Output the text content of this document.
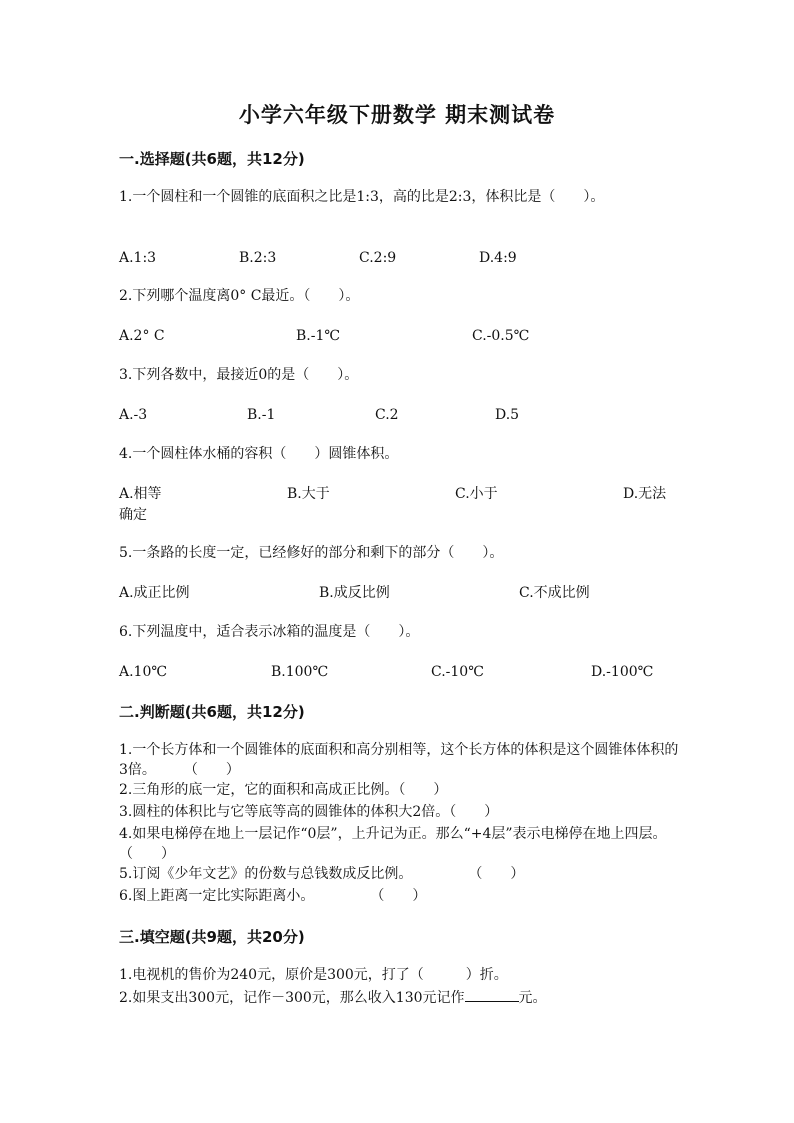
小学六年级下册数学 期末测试卷
一.选择题(共6题，共12分)
1.一个圆柱和一个圆锥的底面积之比是1:3，高的比是2:3，体积比是（　　）。
A.1:3	B.2:3	C.2:9	D.4:9
2.下列哪个温度离0° C最近。（　　）。
A.2° C	B.-1℃	C.-0.5℃
3.下列各数中，最接近0的是（　　）。
A.-3	B.-1	C.2	D.5
4.一个圆柱体水桶的容积（　　）圆锥体积。
A.相等	B.大于	C.小于	D.无法
确定
5.一条路的长度一定，已经修好的部分和剩下的部分（　　）。
A.成正比例	B.成反比例	C.不成比例
6.下列温度中，适合表示冰箱的温度是（　　）。
A.10℃	B.100℃	C.-10℃	D.-100℃
二.判断题(共6题，共12分)
1.一个长方体和一个圆锥体的底面积和高分别相等，这个长方体的体积是这个圆锥体体积的3倍。　　　（　　）
2.三角形的底一定，它的面积和高成正比例。（　　）
3.圆柱的体积比与它等底等高的圆锥体的体积大2倍。（　　）
4.如果电梯停在地上一层记作“0层”，上升记为正。那么“+4层”表示电梯停在地上四层。　　（　　）
5.订阅《少年文艺》的份数与总钱数成反比例。　　　　　（　　）
6.图上距离一定比实际距离小。　　　　　（　　）
三.填空题(共9题，共20分)
1.电视机的售价为240元，原价是300元，打了（　　　）折。
2.如果支出300元，记作－300元，那么收入130元记作	元。
